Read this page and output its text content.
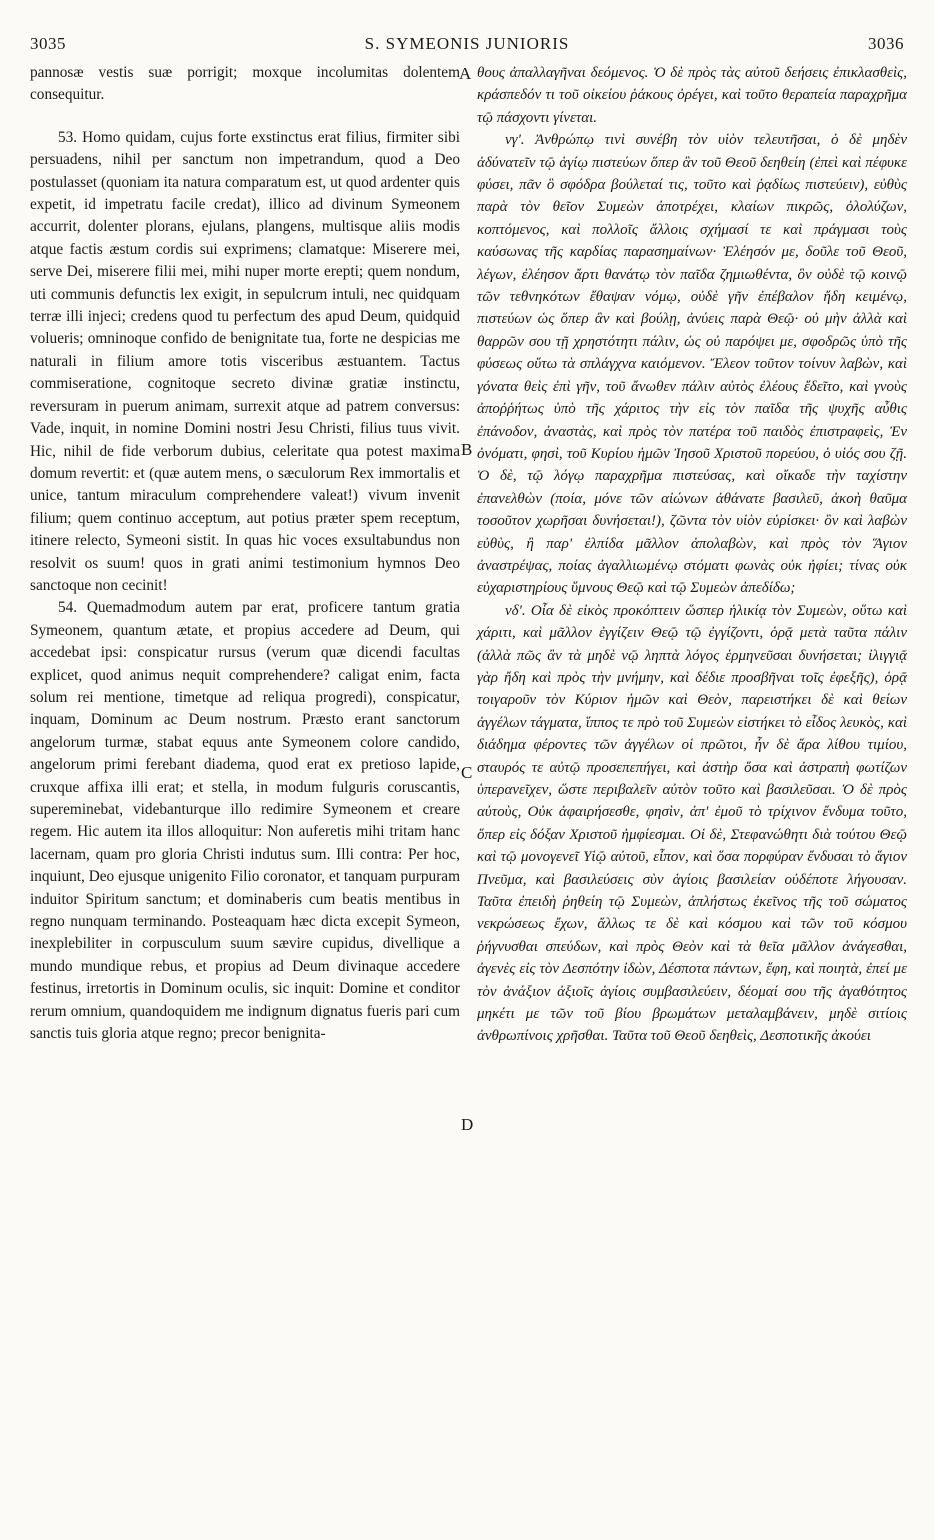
3035	S. SYMEONIS JUNIORIS	3036

pannosæ vestis suæ porrigit; moxque incolumitas dolentem consequitur.

53. Homo quidam, cujus forte exstinctus erat filius, firmiter sibi persuadens, nihil per sanctum non impetrandum, quod a Deo postulasset (quoniam ita natura comparatum est, ut quod ardenter quis expetit, id impetratu facile credat), illico ad divinum Symeonem accurrit, dolenter plorans, ejulans, plangens, multisque aliis modis atque factis æstum cordis sui exprimens; clamatque: Miserere mei, serve Dei, miserere filii mei, mihi nuper morte erepti; quem nondum, uti communis defunctis lex exigit, in sepulcrum intuli, nec quidquam terræ illi injeci; credens quod tu perfectum des apud Deum, quidquid volueris; omninoque confido de benignitate tua, forte ne despicias me naturali in filium amore totis visceribus æstuantem. Tactus commiseratione, cognitoque secreto divinæ gratiæ instinctu, reversuram in puerum animam, surrexit atque ad patrem conversus: Vade, inquit, in nomine Domini nostri Jesu Christi, filius tuus vivit. Hic, nihil de fide verborum dubius, celeritate qua potest maxima domum revertit: et (quæ autem mens, o sæculorum Rex immortalis et unice, tantum miraculum comprehendere valeat!) vivum invenit filium; quem continuo acceptum, aut potius præter spem receptum, itinere relecto, Symeoni sistit. In quas hic voces exsultabundus non resolvit os suum! quos in grati animi testimonium hymnos Deo sanctoque non cecinit!

54. Quemadmodum autem par erat, proficere tantum gratia Symeonem, quantum ætate, et propius accedere ad Deum, qui accedebat ipsi: conspicatur rursus (verum quæ dicendi facultas explicet, quod animus nequit comprehendere? caligat enim, facta solum rei mentione, timetque ad reliqua progredi), conspicatur, inquam, Dominum ac Deum nostrum. Præsto erant sanctorum angelorum turmæ, stabat equus ante Symeonem colore candido, angelorum primi ferebant diadema, quod erat ex pretioso lapide, cruxque affixa illi erat; et stella, in modum fulguris coruscantis, supereminebat, videbanturque illo redimire Symeonem et creare regem. Hic autem ita illos alloquitur: Non auferetis mihi tritam hanc lacernam, quam pro gloria Christi indutus sum. Illi contra: Per hoc, inquiunt, Deo ejusque unigenito Filio coronator, et tanquam purpuram induitor Spiritum sanctum; et dominaberis cum beatis mentibus in regno nunquam terminando. Posteaquam hæc dicta excepit Symeon, inexplebiliter in corpusculum suum sævire cupidus, divellique a mundo mundique rebus, et propius ad Deum divinaque accedere festinus, irretortis in Dominum oculis, sic inquit: Domine et conditor rerum omnium, quandoquidem me indignum dignatus fueris pari cum sanctis tuis gloria atque regno; precor benignita-

θους ἀπαλλαγῆναι δεόμενος. Ὁ δὲ πρὸς τὰς αὐτοῦ δεήσεις ἐπικλασθεὶς, κράσπεδόν τι τοῦ οἰκείου ῥάκους ὀρέγει, καὶ τοῦτο θεραπεία παραχρῆμα τῷ πάσχοντι γίνεται.

νγ'. Ἀνθρώπῳ τινὶ συνέβη τὸν υἱὸν τελευτῆσαι, ὁ δὲ μηδὲν ἀδύνατεῖν τῷ ἁγίῳ πιστεύων ὅπερ ἂν τοῦ Θεοῦ δεηθείη (ἐπεὶ καὶ πέφυκε φύσει, πᾶν ὃ σφόδρα βούλεταί τις, τοῦτο καὶ ῥᾳδίως πιστεύειν), εὐθὺς παρὰ τὸν θεῖον Συμεὼν ἀποτρέχει, κλαίων πικρῶς, ὀλολύζων, κοπτόμενος, καὶ πολλοῖς ἄλλοις σχήμασί τε καὶ πράγμασι τοὺς καύσωνας τῆς καρδίας παρασημαίνων· Ἐλέησόν με, δοῦλε τοῦ Θεοῦ, λέγων, ἐλέησον ἄρτι θανάτῳ τὸν παῖδα ζημιωθέντα, ὃν οὐδὲ τῷ κοινῷ τῶν τεθνηκότων ἔθαψαν νόμῳ, οὐδὲ γῆν ἐπέβαλον ἤδη κειμένῳ, πιστεύων ὡς ὅπερ ἂν καὶ βούλῃ, ἀνύεις παρὰ Θεῷ· οὐ μὴν ἀλλὰ καὶ θαρρῶν σου τῇ χρηστότητι πάλιν, ὡς οὐ παρόψει με, σφοδρῶς ὑπὸ τῆς φύσεως οὕτω τὰ σπλάγχνα καιόμενον. Ἔλεον τοῦτον τοίνυν λαβὼν, καὶ γόνατα θεὶς ἐπὶ γῆν, τοῦ ἄνωθεν πάλιν αὐτὸς ἐλέους ἔδεῖτο, καὶ γνοὺς ἀποῤῥήτως ὑπὸ τῆς χάριτος τὴν εἰς τὸν παῖδα τῆς ψυχῆς αὖθις ἐπάνοδον, ἀναστὰς, καὶ πρὸς τὸν πατέρα τοῦ παιδὸς ἐπιστραφεὶς, Ἐν ὀνόματι, φησὶ, τοῦ Κυρίου ἡμῶν Ἰησοῦ Χριστοῦ πορεύου, ὁ υἱός σου ζῇ. Ὁ δὲ, τῷ λόγῳ παραχρῆμα πιστεύσας, καὶ οἴκαδε τὴν ταχίστην ἐπανελθὼν (ποία, μόνε τῶν αἰώνων ἀθάνατε βασιλεῦ, ἀκοὴ θαῦμα τοσοῦτον χωρῆσαι δυνήσεται!), ζῶντα τὸν υἱὸν εὑρίσκει· ὃν καὶ λαβὼν εὐθὺς, ἢ παρ' ἐλπίδα μᾶλλον ἀπολαβὼν, καὶ πρὸς τὸν Ἅγιον ἀναστρέψας, ποίας ἀγαλλιωμένῳ στόματι φωνὰς οὐκ ἠφίει; τίνας οὐκ εὐχαριστηρίους ὕμνους Θεῷ καὶ τῷ Συμεὼν ἀπεδίδω;

νδ'. Οἷα δὲ εἰκὸς προκόπτειν ὥσπερ ἡλικίᾳ τὸν Συμεὼν, οὕτω καὶ χάριτι, καὶ μᾶλλον ἐγγίζειν Θεῷ τῷ ἐγγίζοντι, ὁρᾷ μετὰ ταῦτα πάλιν (ἀλλὰ πῶς ἂν τὰ μηδὲ νῷ ληπτὰ λόγος ἑρμηνεῦσαι δυνήσεται; ἰλιγγιᾷ γὰρ ἤδη καὶ πρὸς τὴν μνήμην, καὶ δέδιε προσβῆναι τοῖς ἐφεξῆς), ὁρᾷ τοιγαροῦν τὸν Κύριον ἡμῶν καὶ Θεὸν, παρειστήκει δὲ καὶ θείων ἀγγέλων τάγματα, ἵππος τε πρὸ τοῦ Συμεὼν εἱστήκει τὸ εἶδος λευκὸς, καὶ διάδημα φέροντες τῶν ἀγγέλων οἱ πρῶτοι, ἦν δὲ ἄρα λίθου τιμίου, σταυρός τε αὐτῷ προσεπεπήγει, καὶ ἀστὴρ ὅσα καὶ ἀστραπὴ φωτίζων ὑπερανεῖχεν, ὥστε περιβαλεῖν αὐτὸν τοῦτο καὶ βασιλεῦσαι. Ὁ δὲ πρὸς αὐτοὺς, Οὐκ ἀφαιρήσεσθε, φησὶν, ἀπ' ἐμοῦ τὸ τρίχινον ἔνδυμα τοῦτο, ὅπερ εἰς δόξαν Χριστοῦ ἠμφίεσμαι. Οἱ δὲ, Στεφανώθητι διὰ τούτου Θεῷ καὶ τῷ μονογενεῖ Υἱῷ αὐτοῦ, εἶπον, καὶ ὅσα πορφύραν ἔνδυσαι τὸ ἅγιον Πνεῦμα, καὶ βασιλεύσεις σὺν ἁγίοις βασιλείαν οὐδέποτε λήγουσαν. Ταῦτα ἐπειδὴ ῥηθείη τῷ Συμεὼν, ἀπλήστως ἐκεῖνος τῆς τοῦ σώματος νεκρώσεως ἔχων, ἄλλως τε δὲ καὶ κόσμου καὶ τῶν τοῦ κόσμου ῥήγνυσθαι σπεύδων, καὶ πρὸς Θεὸν καὶ τὰ θεῖα μᾶλλον ἀνάγεσθαι, ἀγενὲς εἰς τὸν Δεσπότην ἰδὼν, Δέσποτα πάντων, ἔφη, καὶ ποιητὰ, ἐπεί με τὸν ἀνάξιον ἀξιοῖς ἁγίοις συμβασιλεύειν, δέομαί σου τῆς ἀγαθότητος μηκέτι με τῶν τοῦ βίου βρωμάτων μεταλαμβάνειν, μηδὲ σιτίοις ἀνθρωπίνοις χρῆσθαι. Ταῦτα τοῦ Θεοῦ δεηθεὶς, Δεσποτικῆς ἀκούει

A
B
C
D
